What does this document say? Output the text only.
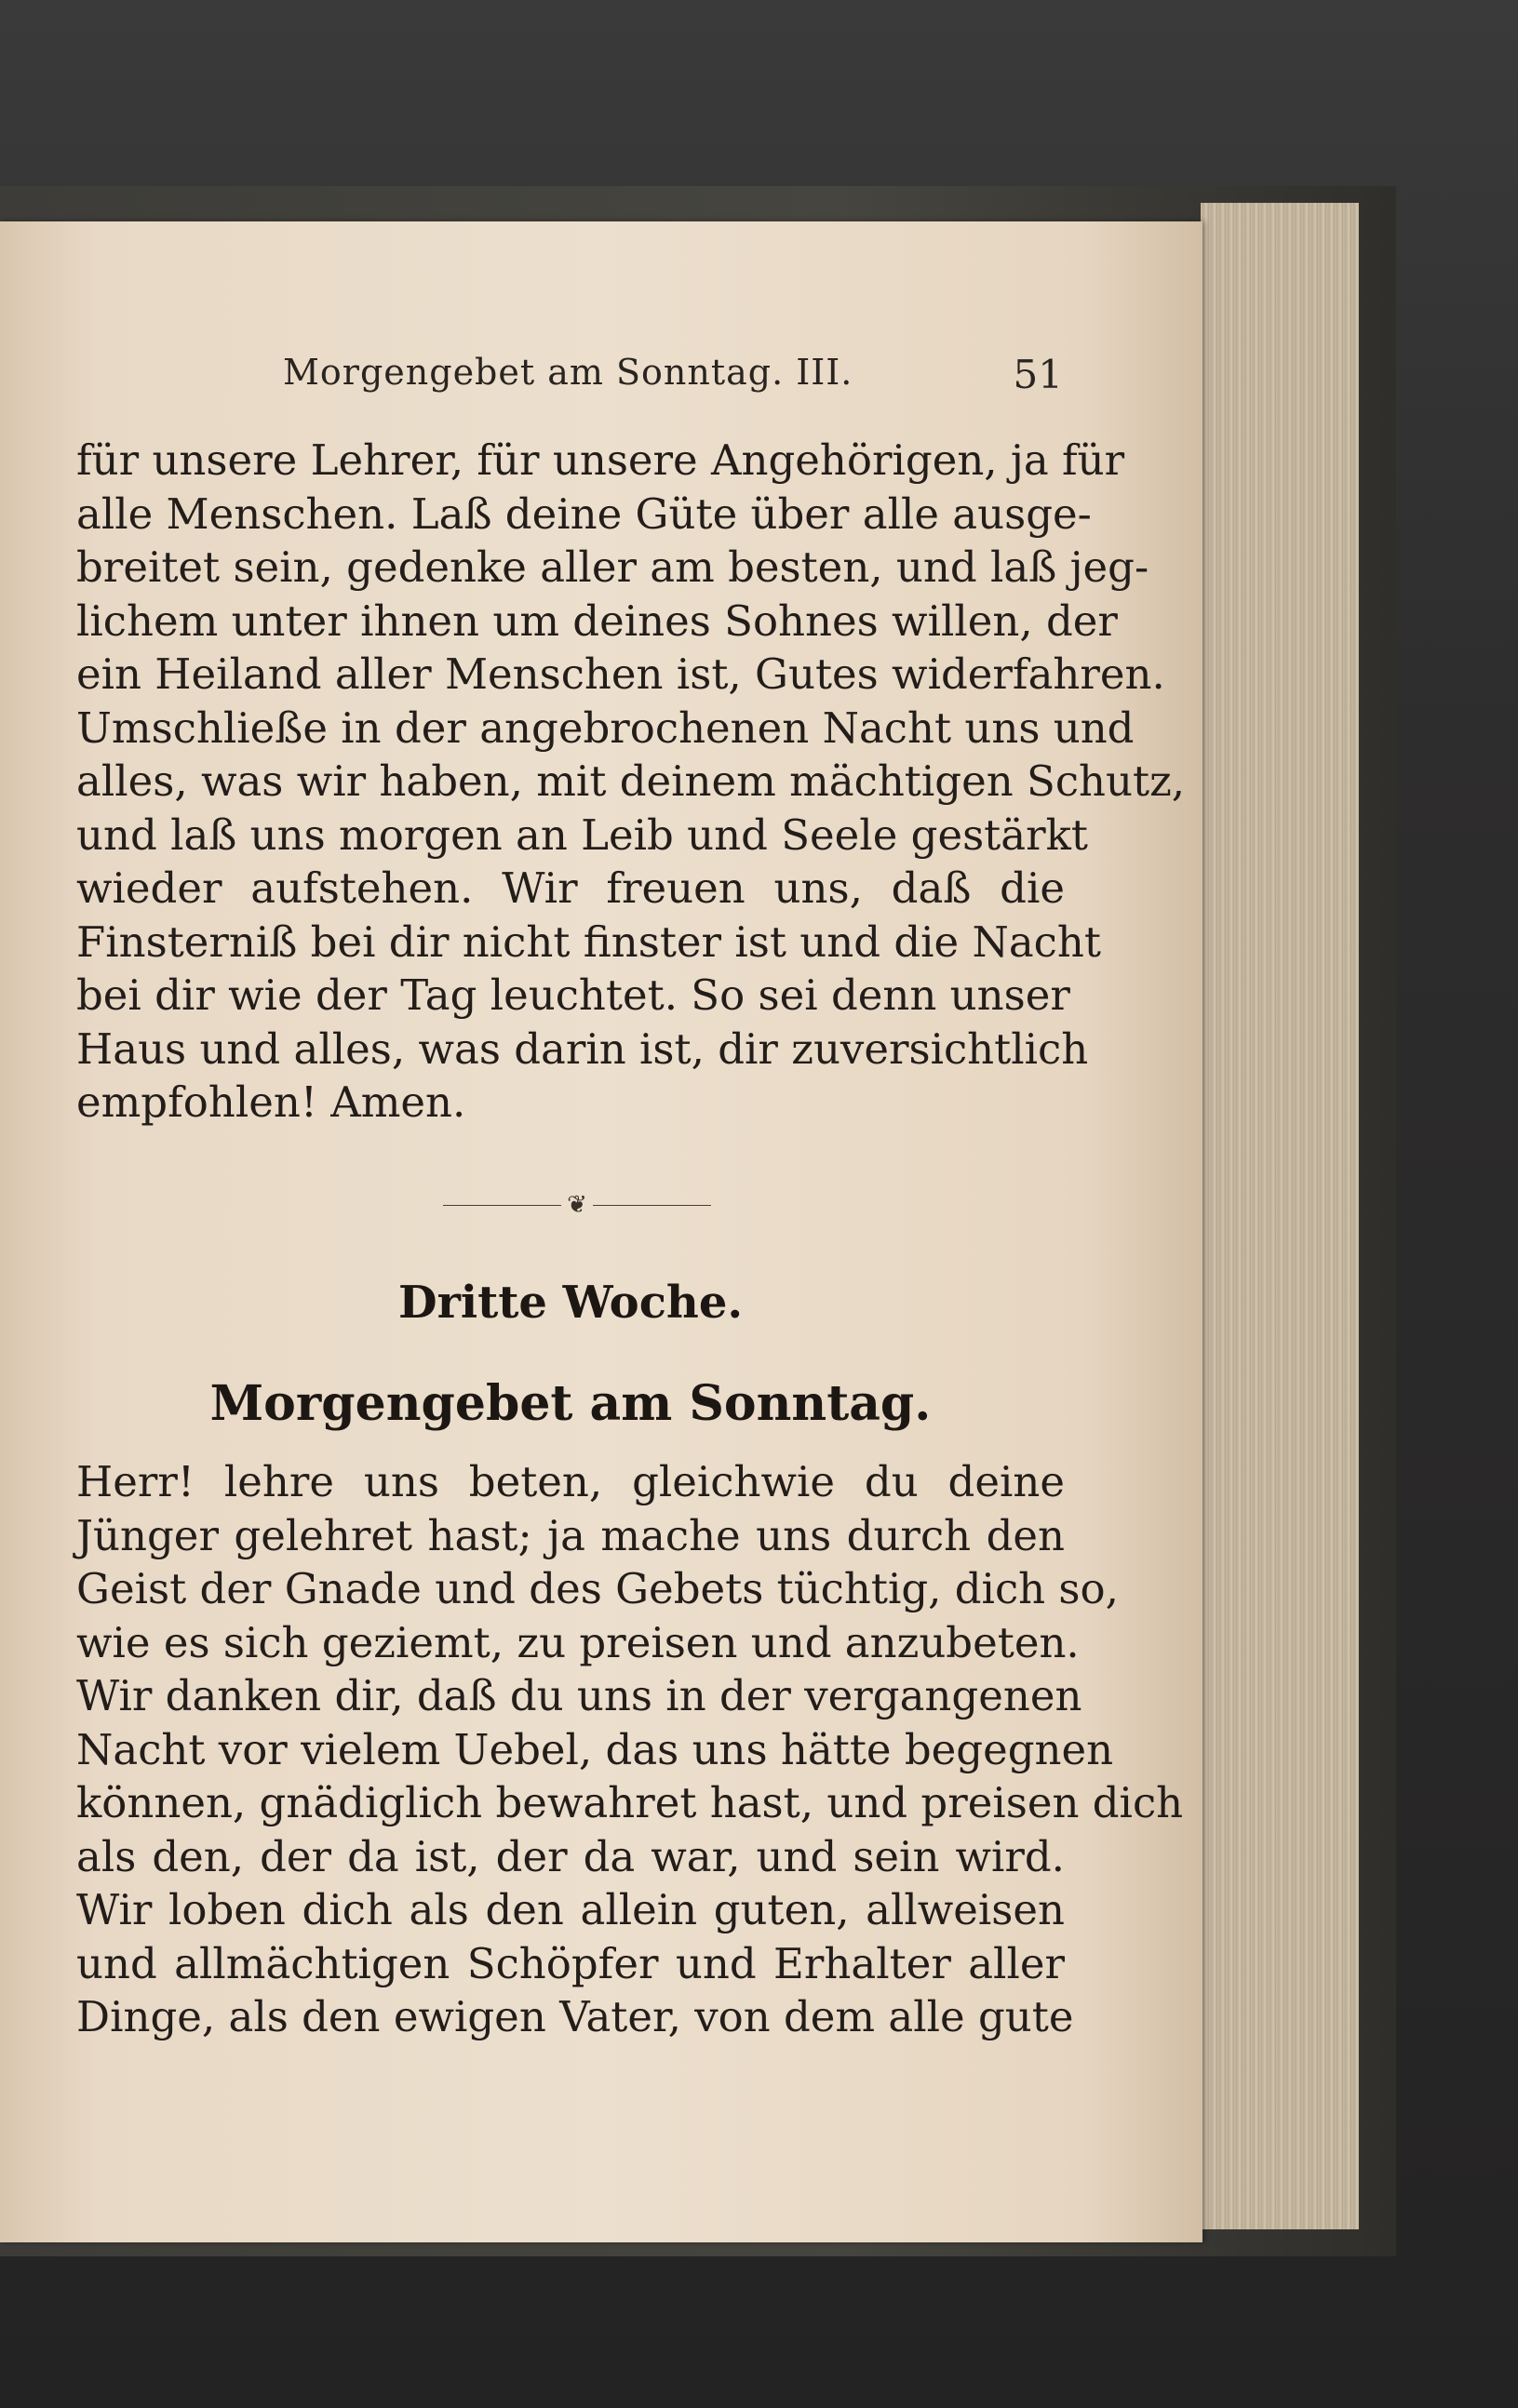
Morgengebet am Sonntag. III.	51
für unsere Lehrer, für unsere Angehörigen, ja für
alle Menschen. Laß deine Güte über alle ausge-
breitet sein, gedenke aller am besten, und laß jeg-
lichem unter ihnen um deines Sohnes willen, der
ein Heiland aller Menschen ist, Gutes widerfahren.
Umschließe in der angebrochenen Nacht uns und
alles, was wir haben, mit deinem mächtigen Schutz,
und laß uns morgen an Leib und Seele gestärkt
wieder aufstehen. Wir freuen uns, daß die
Finsterniß bei dir nicht finster ist und die Nacht
bei dir wie der Tag leuchtet. So sei denn unser
Haus und alles, was darin ist, dir zuversichtlich
empfohlen! Amen.
❦
Dritte Woche.
Morgengebet am Sonntag.
Herr! lehre uns beten, gleichwie du deine
Jünger gelehret hast; ja mache uns durch den
Geist der Gnade und des Gebets tüchtig, dich so,
wie es sich geziemt, zu preisen und anzubeten.
Wir danken dir, daß du uns in der vergangenen
Nacht vor vielem Uebel, das uns hätte begegnen
können, gnädiglich bewahret hast, und preisen dich
als den, der da ist, der da war, und sein wird.
Wir loben dich als den allein guten, allweisen
und allmächtigen Schöpfer und Erhalter aller
Dinge, als den ewigen Vater, von dem alle gute
